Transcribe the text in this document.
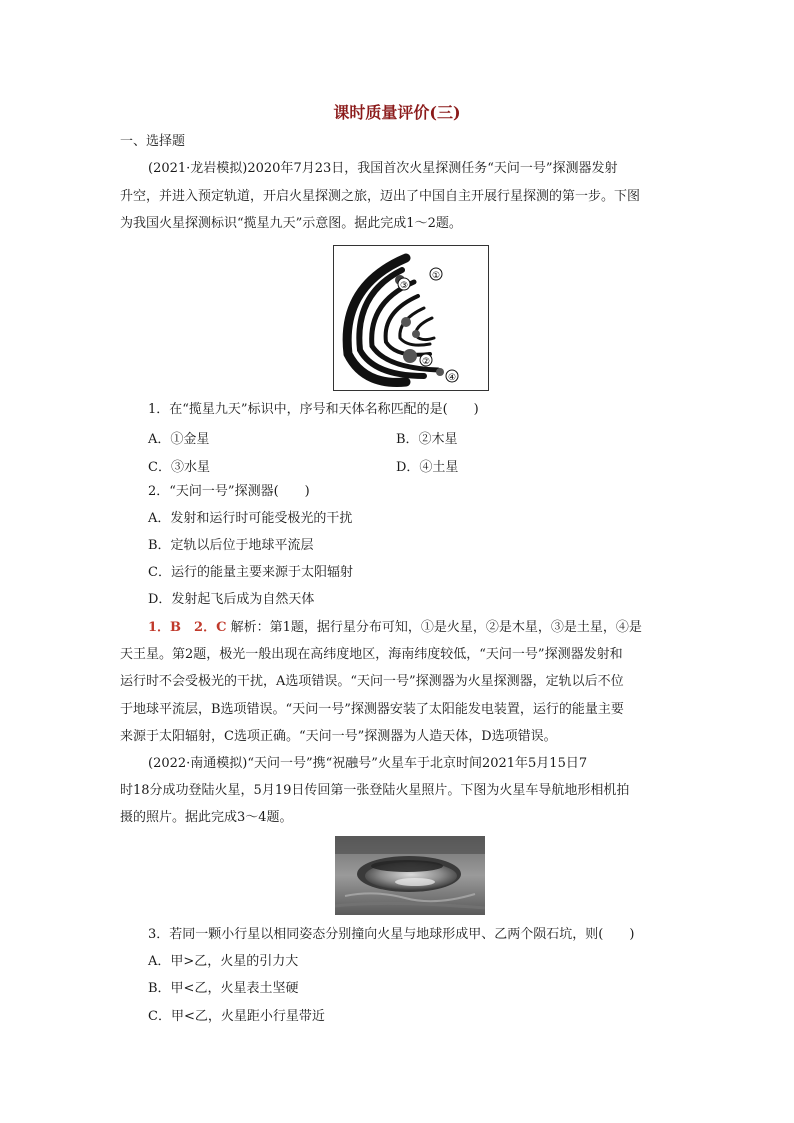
课时质量评价(三)
一、选择题
(2021·龙岩模拟)2020年7月23日，我国首次火星探测任务“天问一号”探测器发射
升空，并进入预定轨道，开启火星探测之旅，迈出了中国自主开展行星探测的第一步。下图
为我国火星探测标识“揽星九天”示意图。据此完成1～2题。
①
②
③
④
1．在“揽星九天”标识中，序号和天体名称匹配的是(　　)
A．①金星	B．②木星
C．③水星	D．④土星
2．“天问一号”探测器(　　)
A．发射和运行时可能受极光的干扰
B．定轨以后位于地球平流层
C．运行的能量主要来源于太阳辐射
D．发射起飞后成为自然天体
1．B　2．C 解析：第1题，据行星分布可知，①是火星，②是木星，③是土星，④是
天王星。第2题，极光一般出现在高纬度地区，海南纬度较低，“天问一号”探测器发射和
运行时不会受极光的干扰，A选项错误。“天问一号”探测器为火星探测器，定轨以后不位
于地球平流层，B选项错误。“天问一号”探测器安装了太阳能发电装置，运行的能量主要
来源于太阳辐射，C选项正确。“天问一号”探测器为人造天体，D选项错误。
(2022·南通模拟)“天问一号”携“祝融号”火星车于北京时间2021年5月15日7
时18分成功登陆火星，5月19日传回第一张登陆火星照片。下图为火星车导航地形相机拍
摄的照片。据此完成3～4题。
3．若同一颗小行星以相同姿态分别撞向火星与地球形成甲、乙两个陨石坑，则(　　)
A．甲>乙，火星的引力大
B．甲<乙，火星表土坚硬
C．甲<乙，火星距小行星带近
